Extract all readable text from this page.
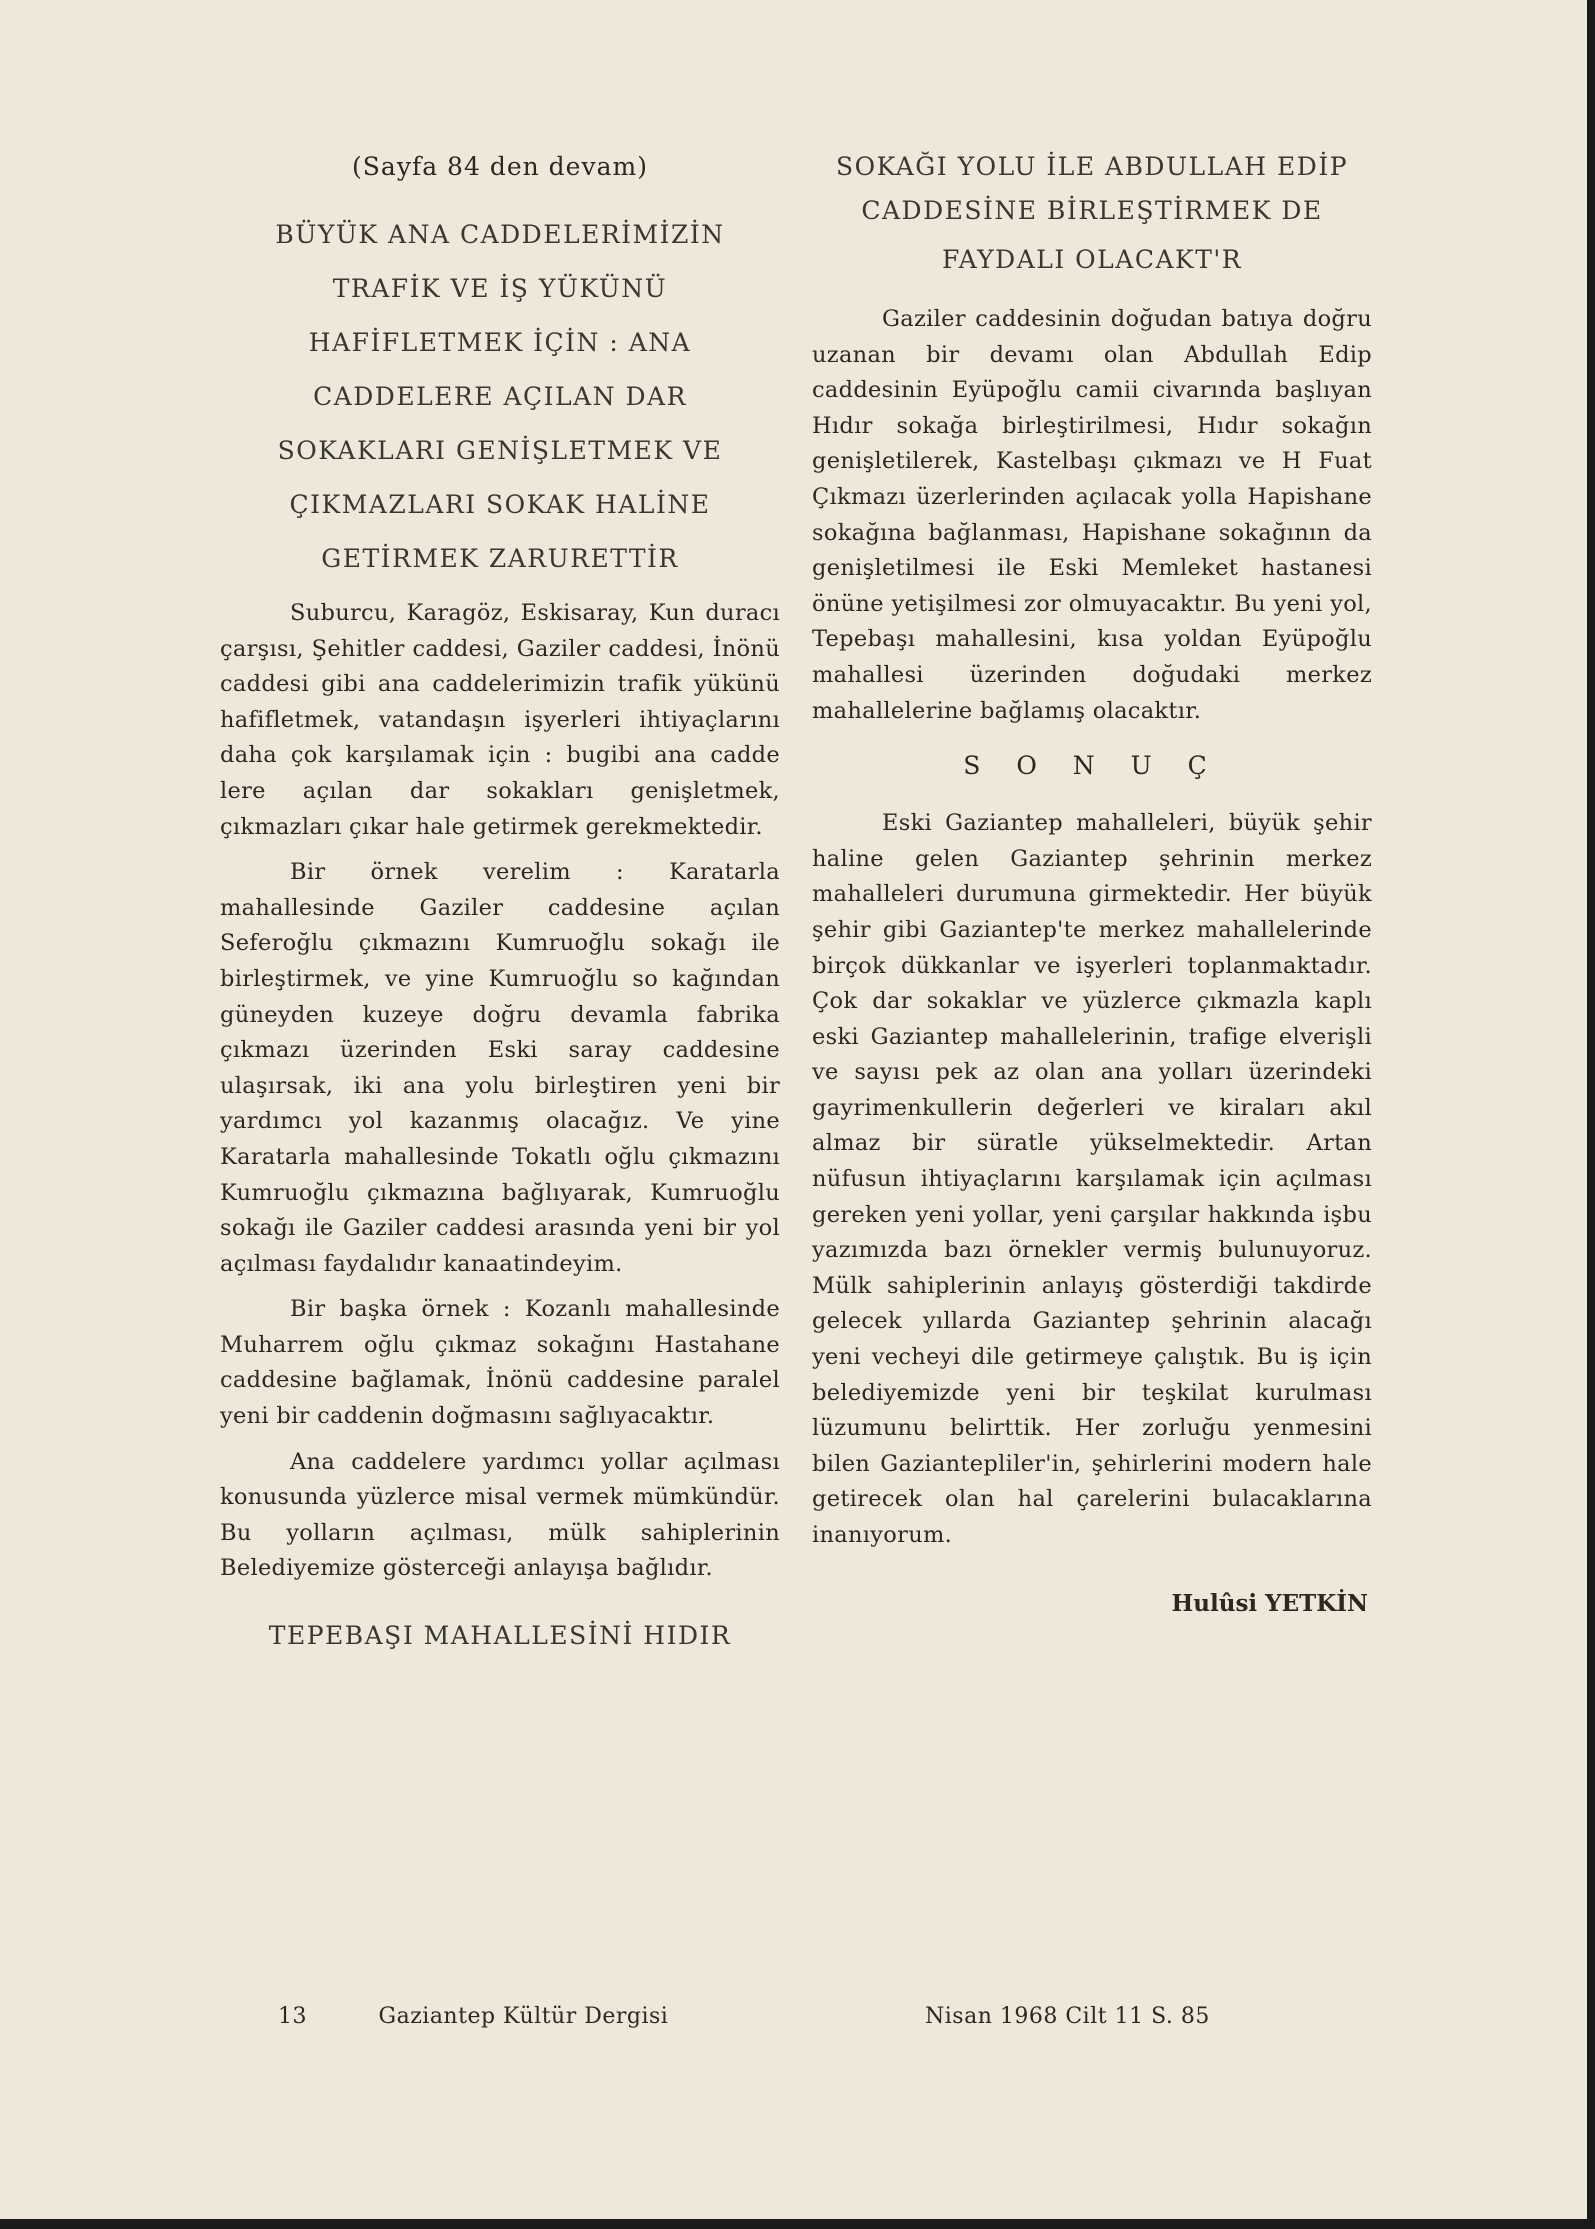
(Sayfa 84 den devam)
BÜYÜK ANA CADDELERİMİZİN
TRAFİK VE İŞ YÜKÜNÜ
HAFİFLETMEK İÇİN : ANA
CADDELERE AÇILAN DAR
SOKAKLARI GENİŞLETMEK VE
ÇIKMAZLARI SOKAK HALİNE
GETİRMEK ZARURETTİR

Suburcu, Karagöz, Eskisaray, Kun duracı çarşısı, Şehitler caddesi, Gaziler caddesi, İnönü caddesi gibi ana caddelerimizin trafik yükünü hafifletmek, vatandaşın işyerleri ihtiyaçlarını daha çok karşılamak için : bugibi ana cadde lere açılan dar sokakları genişletmek, çıkmazları çıkar hale getirmek gerekmektedir.

Bir örnek verelim : Karatarla mahallesinde Gaziler caddesine açılan Seferoğlu çıkmazını Kumruoğlu sokağı ile birleştirmek, ve yine Kumruoğlu so kağından güneyden kuzeye doğru devamla fabrika çıkmazı üzerinden Eski saray caddesine ulaşırsak, iki ana yolu birleştiren yeni bir yardımcı yol kazanmış olacağız. Ve yine Karatarla mahallesinde Tokatlı oğlu çıkmazını Kumruoğlu çıkmazına bağlıyarak, Kumruoğlu sokağı ile Gaziler caddesi arasında yeni bir yol açılması faydalıdır kanaatindeyim.

Bir başka örnek : Kozanlı mahallesinde Muharrem oğlu çıkmaz sokağını Hastahane caddesine bağlamak, İnönü caddesine paralel yeni bir caddenin doğmasını sağlıyacaktır.

Ana caddelere yardımcı yollar açılması konusunda yüzlerce misal vermek mümkündür. Bu yolların açılması, mülk sahiplerinin Belediyemize gösterceği anlayışa bağlıdır.

TEPEBAŞI MAHALLESİNİ HIDIR
SOKAĞI YOLU İLE ABDULLAH EDİP
CADDESİNE BİRLEŞTİRMEK DE
FAYDALI OLACAKT'R

Gaziler caddesinin doğudan batıya doğru uzanan bir devamı olan Abdullah Edip caddesinin Eyüpoğlu camii civarında başlıyan Hıdır sokağa birleştirilmesi, Hıdır sokağın genişletilerek, Kastelbaşı çıkmazı ve H Fuat Çıkmazı üzerlerinden açılacak yolla Hapishane sokağına bağlanması, Hapishane sokağının da genişletilmesi ile Eski Memleket hastanesi önüne yetişilmesi zor olmuyacaktır. Bu yeni yol, Tepebaşı mahallesini, kısa yoldan Eyüpoğlu mahallesi üzerinden doğudaki merkez mahallelerine bağlamış olacaktır.

S O N U Ç

Eski Gaziantep mahalleleri, büyük şehir haline gelen Gaziantep şehrinin merkez mahalleleri durumuna girmektedir. Her büyük şehir gibi Gaziantep'te merkez mahallelerinde birçok dükkanlar ve işyerleri toplanmaktadır. Çok dar sokaklar ve yüzlerce çıkmazla kaplı eski Gaziantep mahallelerinin, trafige elverişli ve sayısı pek az olan ana yolları üzerindeki gayrimenkullerin değerleri ve kiraları akıl almaz bir süratle yükselmektedir. Artan nüfusun ihtiyaçlarını karşılamak için açılması gereken yeni yollar, yeni çarşılar hakkında işbu yazımızda bazı örnekler vermiş bulunuyoruz. Mülk sahiplerinin anlayış gösterdiği takdirde gelecek yıllarda Gaziantep şehrinin alacağı yeni vecheyi dile getirmeye çalıştık. Bu iş için belediyemizde yeni bir teşkilat kurulması lüzumunu belirttik. Her zorluğu yenmesini bilen Gaziantepliler'in, şehirlerini modern hale getirecek olan hal çarelerini bulacaklarına inanıyorum.

Hulûsi YETKİN
13	Gaziantep Kültür Dergisi	Nisan 1968 Cilt 11 S. 85
